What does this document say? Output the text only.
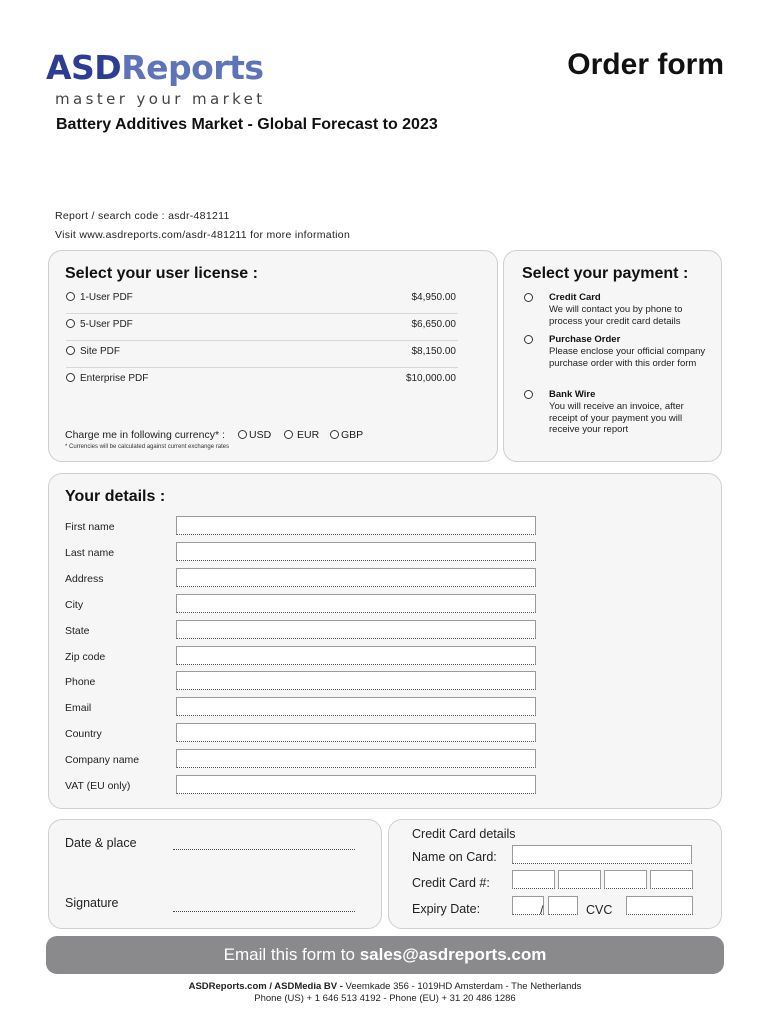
ASDReports
master your market
Order form
Battery Additives Market - Global Forecast to 2023
Report / search code : asdr-481211
Visit www.asdreports.com/asdr-481211 for more information
Select your user license :
1-User PDF	$4,950.00
5-User PDF	$6,650.00
Site PDF	$8,150.00
Enterprise PDF	$10,000.00
Charge me in following currency* : USD EUR GBP
* Currencies will be calculated against current exchange rates
Select your payment :
Credit Card
We will contact you by phone to process your credit card details
Purchase Order
Please enclose your official company purchase order with this order form
Bank Wire
You will receive an invoice, after receipt of your payment you will receive your report
Your details :
First name
Last name
Address
City
State
Zip code
Phone
Email
Country
Company name
VAT (EU only)
Date & place
Signature
Credit Card details
Name on Card:
Credit Card #:
Expiry Date:	/	CVC
Email this form to sales@asdreports.com
ASDReports.com / ASDMedia BV - Veemkade 356 - 1019HD Amsterdam - The Netherlands
Phone (US) + 1 646 513 4192 - Phone (EU) + 31 20 486 1286
